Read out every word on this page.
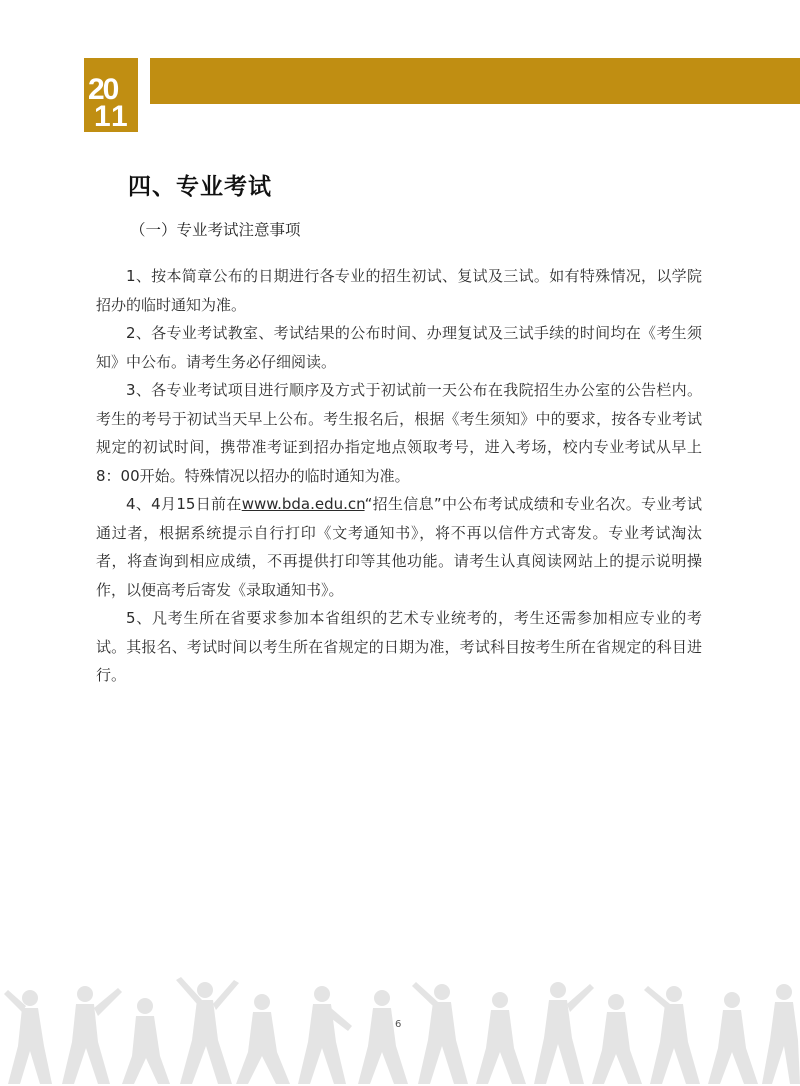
20
11
四、专业考试
（一）专业考试注意事项

1、按本简章公布的日期进行各专业的招生初试、复试及三试。如有特殊情况，以学院招办的临时通知为准。

2、各专业考试教室、考试结果的公布时间、办理复试及三试手续的时间均在《考生须知》中公布。请考生务必仔细阅读。

3、各专业考试项目进行顺序及方式于初试前一天公布在我院招生办公室的公告栏内。考生的考号于初试当天早上公布。考生报名后，根据《考生须知》中的要求，按各专业考试规定的初试时间，携带准考证到招办指定地点领取考号，进入考场，校内专业考试从早上8：00开始。特殊情况以招办的临时通知为准。

4、4月15日前在www.bda.edu.cn“招生信息”中公布考试成绩和专业名次。专业考试通过者，根据系统提示自行打印《文考通知书》，将不再以信件方式寄发。专业考试淘汰者，将查询到相应成绩，不再提供打印等其他功能。请考生认真阅读网站上的提示说明操作，以便高考后寄发《录取通知书》。

5、凡考生所在省要求参加本省组织的艺术专业统考的，考生还需参加相应专业的考试。其报名、考试时间以考生所在省规定的日期为准，考试科目按考生所在省规定的科目进行。

6
